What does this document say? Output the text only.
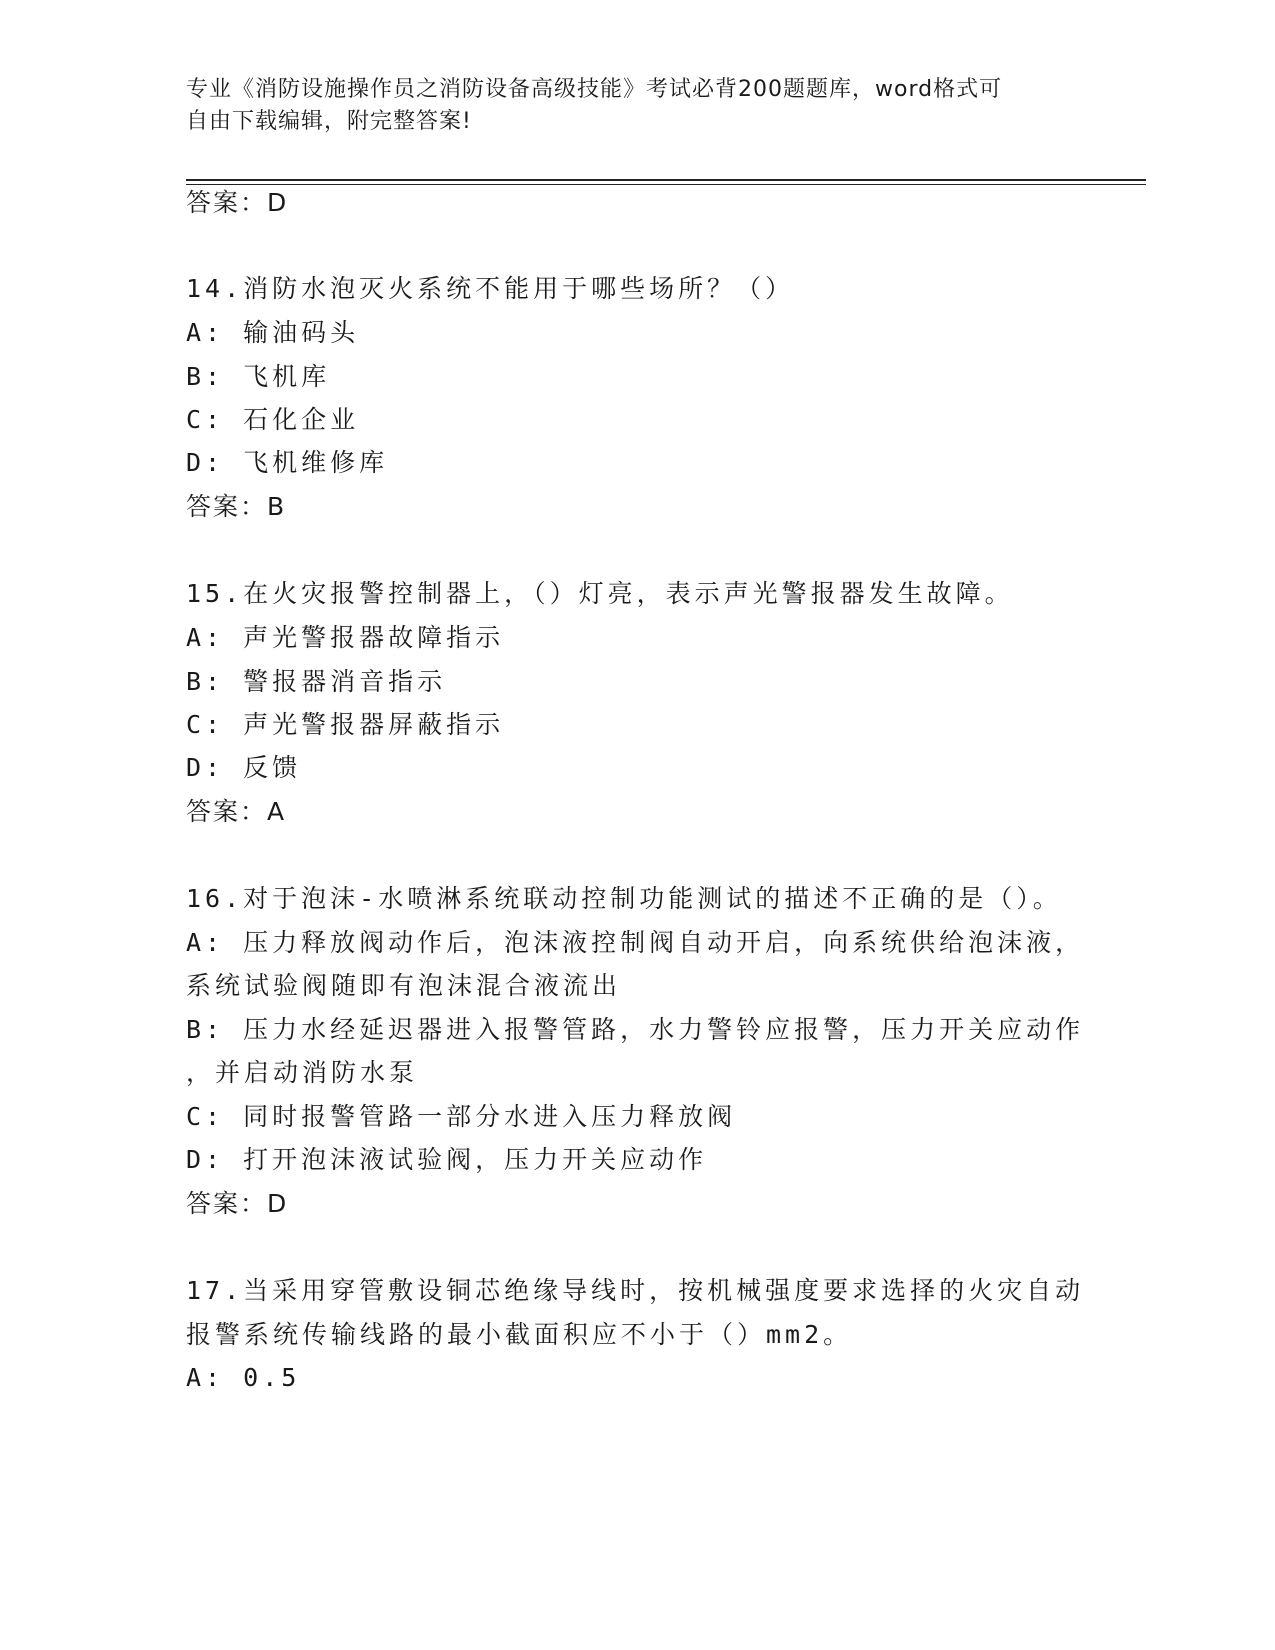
专业《消防设施操作员之消防设备高级技能》考试必背200题题库，word格式可
自由下载编辑，附完整答案!
答案：D
14.消防水泡灭火系统不能用于哪些场所？（）
A: 输油码头
B: 飞机库
C: 石化企业
D: 飞机维修库
答案：B
15.在火灾报警控制器上，（）灯亮，表示声光警报器发生故障。
A: 声光警报器故障指示
B: 警报器消音指示
C: 声光警报器屏蔽指示
D: 反馈
答案：A
16.对于泡沫-水喷淋系统联动控制功能测试的描述不正确的是（）。
A: 压力释放阀动作后，泡沫液控制阀自动开启，向系统供给泡沫液，
系统试验阀随即有泡沫混合液流出
B: 压力水经延迟器进入报警管路，水力警铃应报警，压力开关应动作
，并启动消防水泵
C: 同时报警管路一部分水进入压力释放阀
D: 打开泡沫液试验阀，压力开关应动作
答案：D
17.当采用穿管敷设铜芯绝缘导线时，按机械强度要求选择的火灾自动
报警系统传输线路的最小截面积应不小于（）mm2。
A: 0.5
